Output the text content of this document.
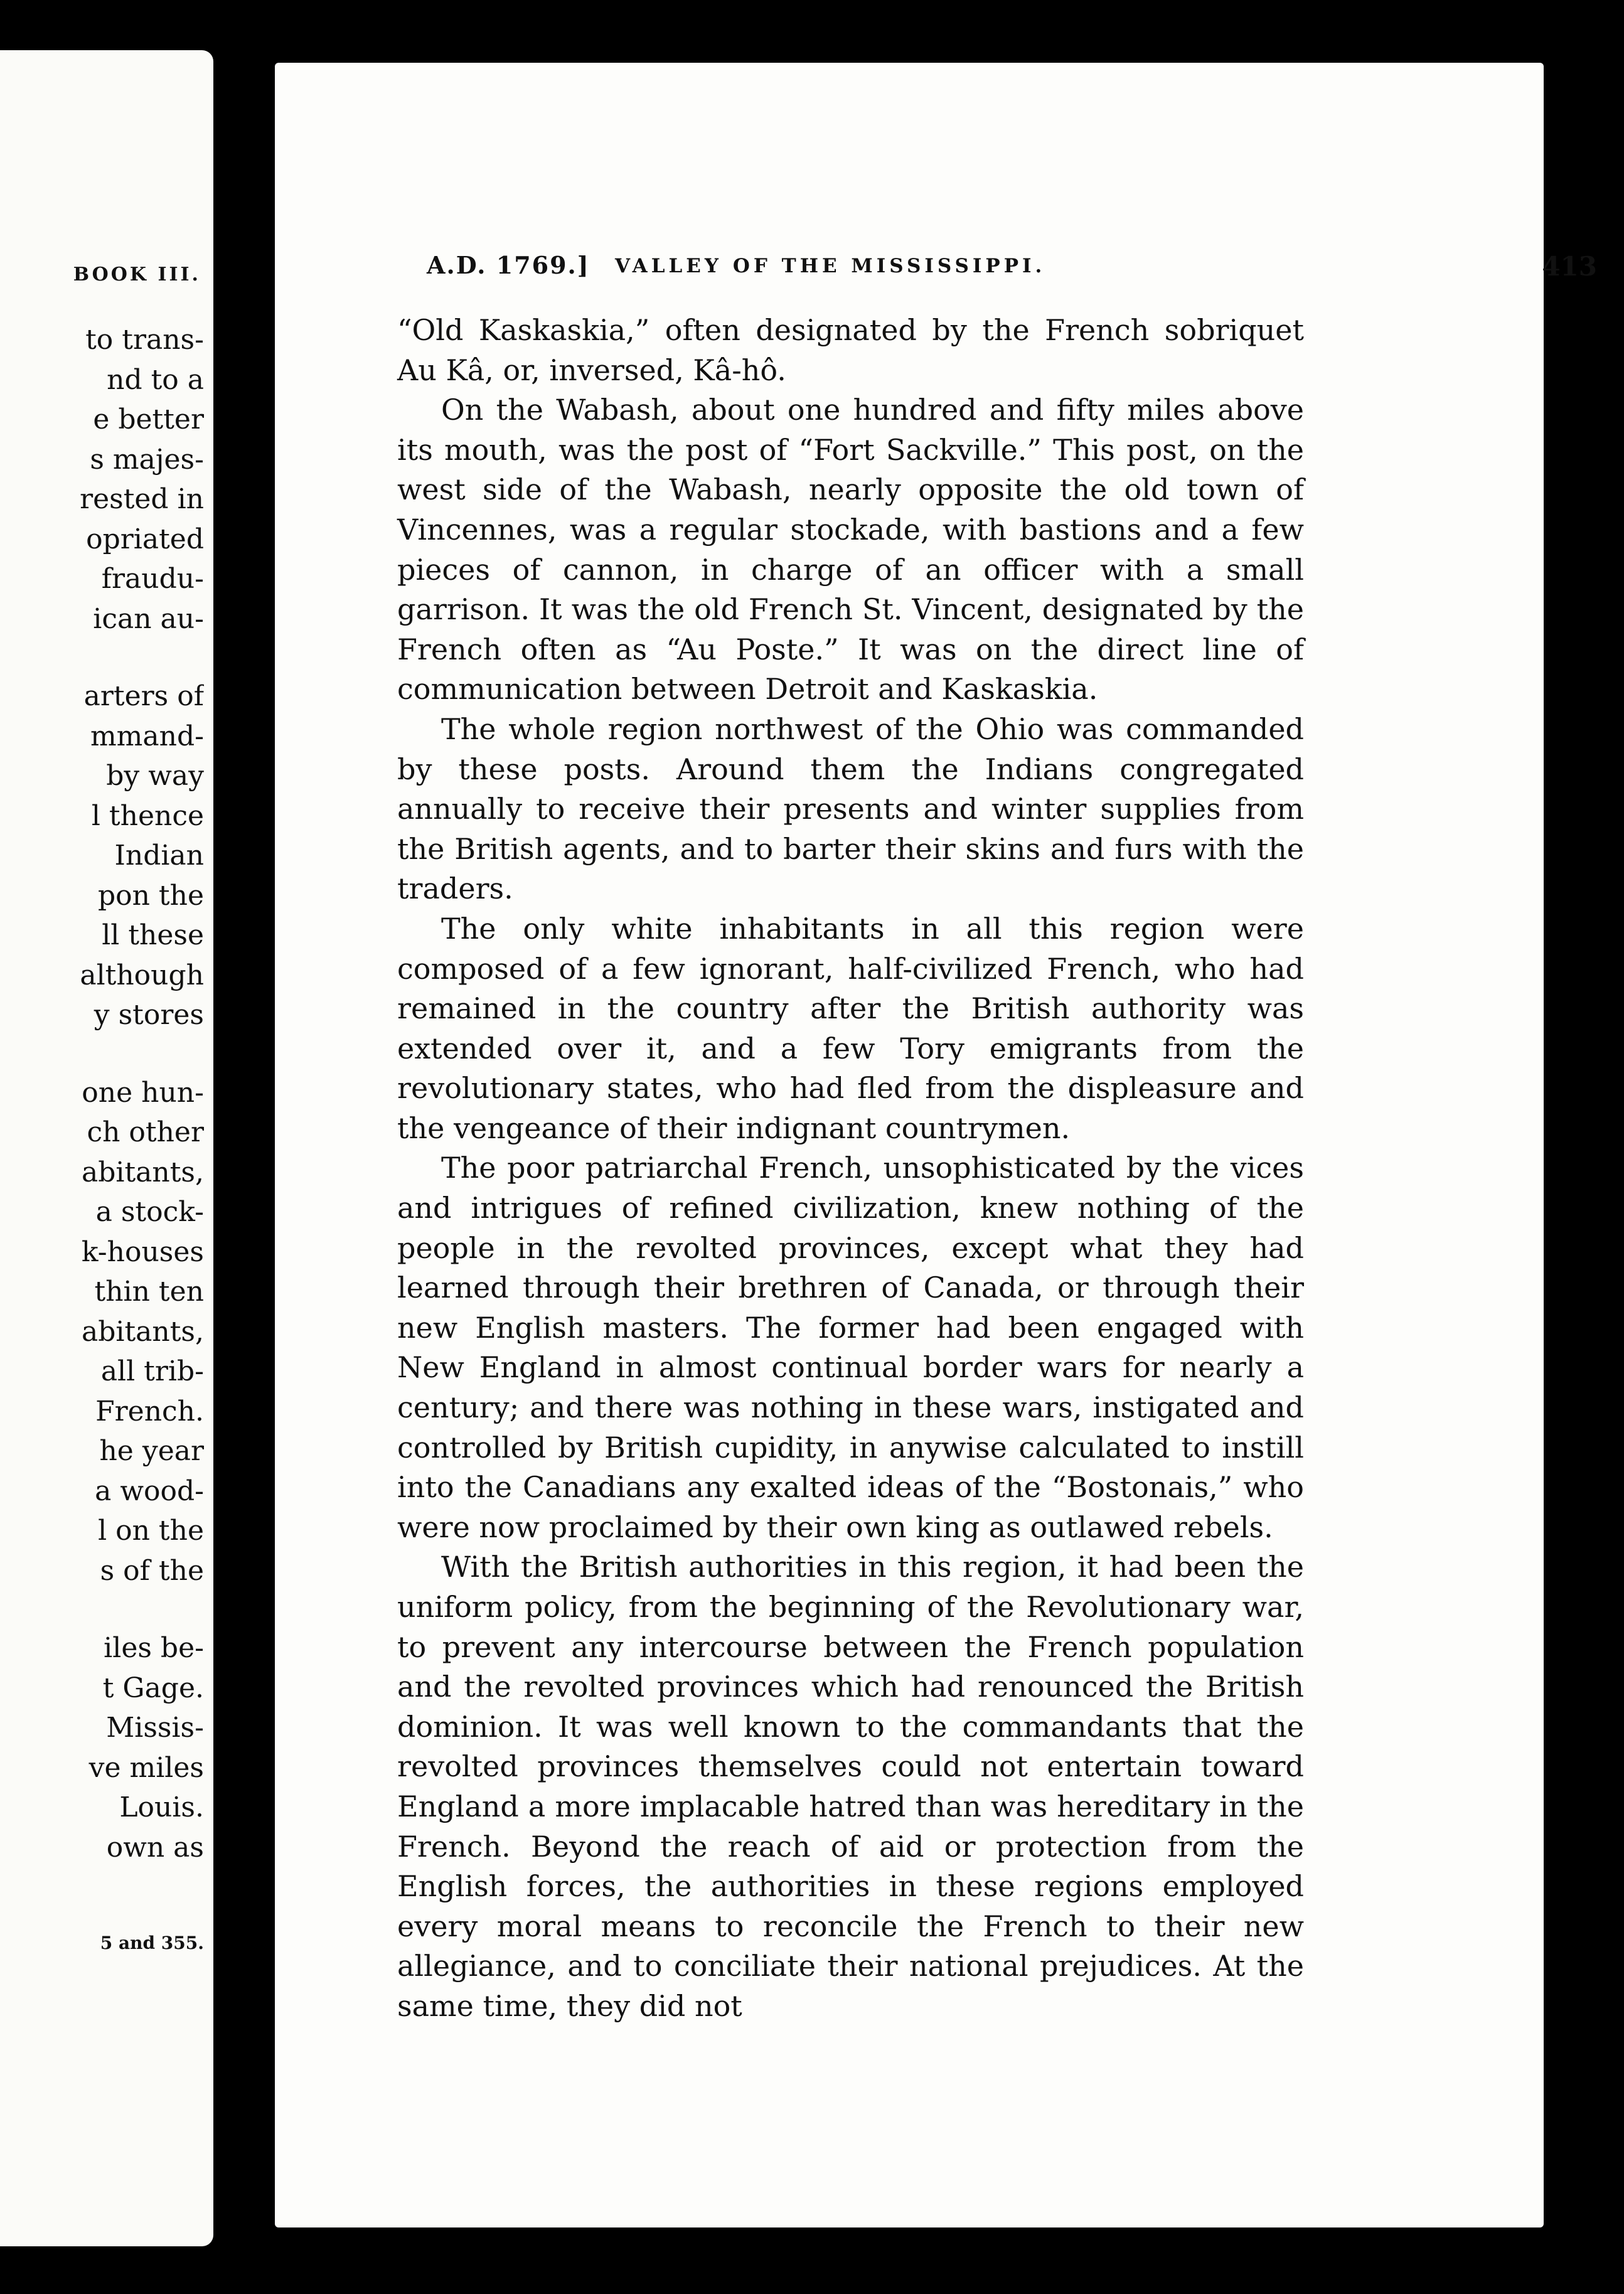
BOOK III.
to trans-
nd to a
e better
s majes-
rested in
opriated
fraudu-
ican au-
arters of
mmand-
by way
l thence
Indian
pon the
ll these
although
y stores
one hun-
ch other
abitants,
a stock-
k-houses
thin ten
abitants,
all trib-
French.
he year
a wood-
l on the
s of the
iles be-
t Gage.
Missis-
ve miles
Louis.
own as
5 and 355.
A.D. 1769.] VALLEY OF THE MISSISSIPPI.	413

“Old Kaskaskia,” often designated by the French sobriquet Au Kâ, or, inversed, Kâ-hô.

On the Wabash, about one hundred and fifty miles above its mouth, was the post of “Fort Sackville.” This post, on the west side of the Wabash, nearly opposite the old town of Vincennes, was a regular stockade, with bastions and a few pieces of cannon, in charge of an officer with a small garrison. It was the old French St. Vincent, designated by the French often as “Au Poste.” It was on the direct line of communication between Detroit and Kaskaskia.

The whole region northwest of the Ohio was commanded by these posts. Around them the Indians congregated annually to receive their presents and winter supplies from the British agents, and to barter their skins and furs with the traders.

The only white inhabitants in all this region were composed of a few ignorant, half-civilized French, who had remained in the country after the British authority was extended over it, and a few Tory emigrants from the revolutionary states, who had fled from the displeasure and the vengeance of their indignant countrymen.

The poor patriarchal French, unsophisticated by the vices and intrigues of refined civilization, knew nothing of the people in the revolted provinces, except what they had learned through their brethren of Canada, or through their new English masters. The former had been engaged with New England in almost continual border wars for nearly a century; and there was nothing in these wars, instigated and controlled by British cupidity, in anywise calculated to instill into the Canadians any exalted ideas of the “Bostonais,” who were now proclaimed by their own king as outlawed rebels.

With the British authorities in this region, it had been the uniform policy, from the beginning of the Revolutionary war, to prevent any intercourse between the French population and the revolted provinces which had renounced the British dominion. It was well known to the commandants that the revolted provinces themselves could not entertain toward England a more implacable hatred than was hereditary in the French. Beyond the reach of aid or protection from the English forces, the authorities in these regions employed every moral means to reconcile the French to their new allegiance, and to conciliate their national prejudices. At the same time, they did not
